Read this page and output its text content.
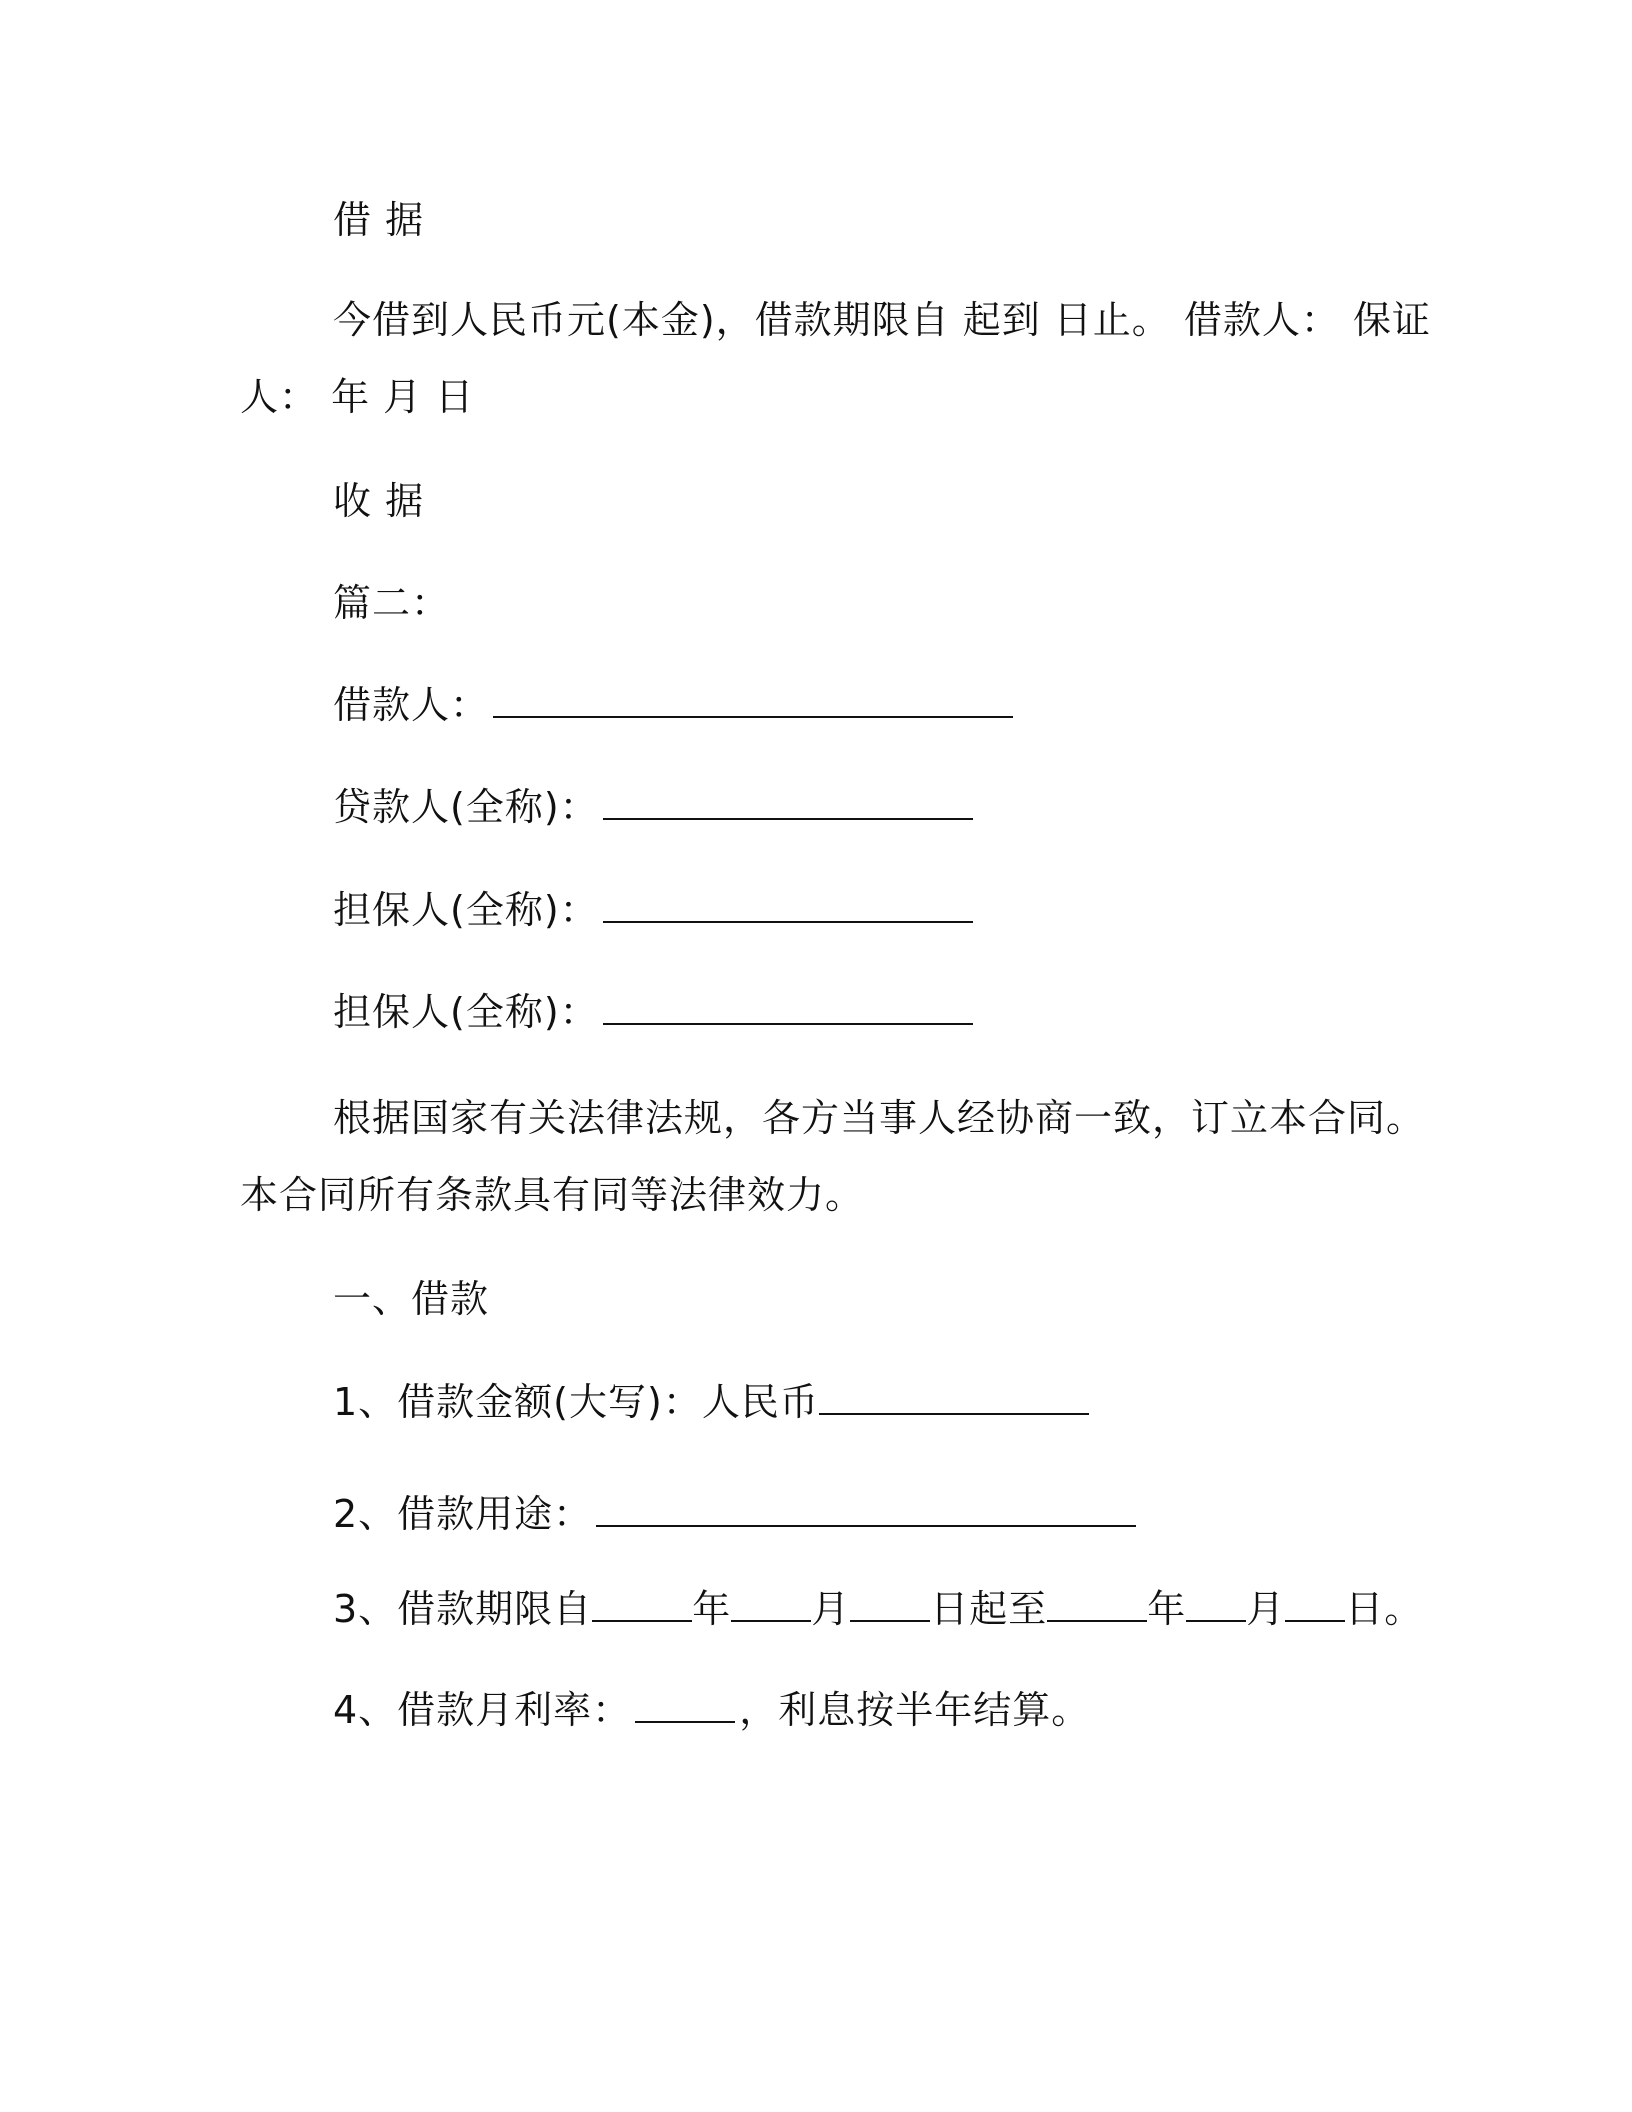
借 据
今借到人民币元(本金)，借款期限自 起到 日止。 借款人： 保证
人： 年 月 日
收 据
篇二：
借款人：
贷款人(全称)：
担保人(全称)：
担保人(全称)：
根据国家有关法律法规，各方当事人经协商一致，订立本合同。
本合同所有条款具有同等法律效力。
一、借款
1、借款金额(大写)：人民币
2、借款用途：
3、借款期限自	年 月 日起至	年 月 日。
4、借款月利率：	，利息按半年结算。
